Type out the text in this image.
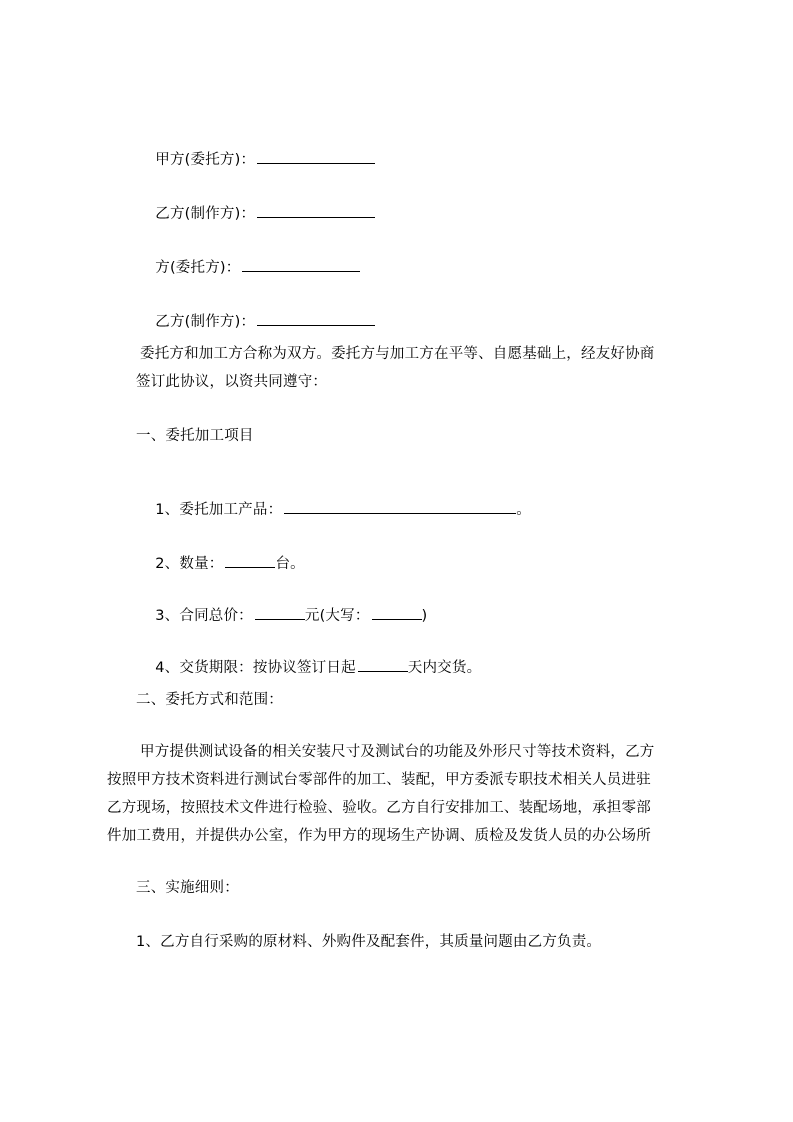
甲方(委托方)：

乙方(制作方)：

方(委托方)：

乙方(制作方)：

委托方和加工方合称为双方。委托方与加工方在平等、自愿基础上，经友好协商
签订此协议，以资共同遵守：
一、委托加工项目

1、委托加工产品：	。

2、数量：	台。

3、合同总价：	元(大写：	)

4、交货期限：按协议签订日起	天内交货。

二、委托方式和范围：
甲方提供测试设备的相关安装尺寸及测试台的功能及外形尺寸等技术资料，乙方
按照甲方技术资料进行测试台零部件的加工、装配，甲方委派专职技术相关人员进驻
乙方现场，按照技术文件进行检验、验收。乙方自行安排加工、装配场地，承担零部
件加工费用，并提供办公室，作为甲方的现场生产协调、质检及发货人员的办公场所
三、实施细则：
1、乙方自行采购的原材料、外购件及配套件，其质量问题由乙方负责。
